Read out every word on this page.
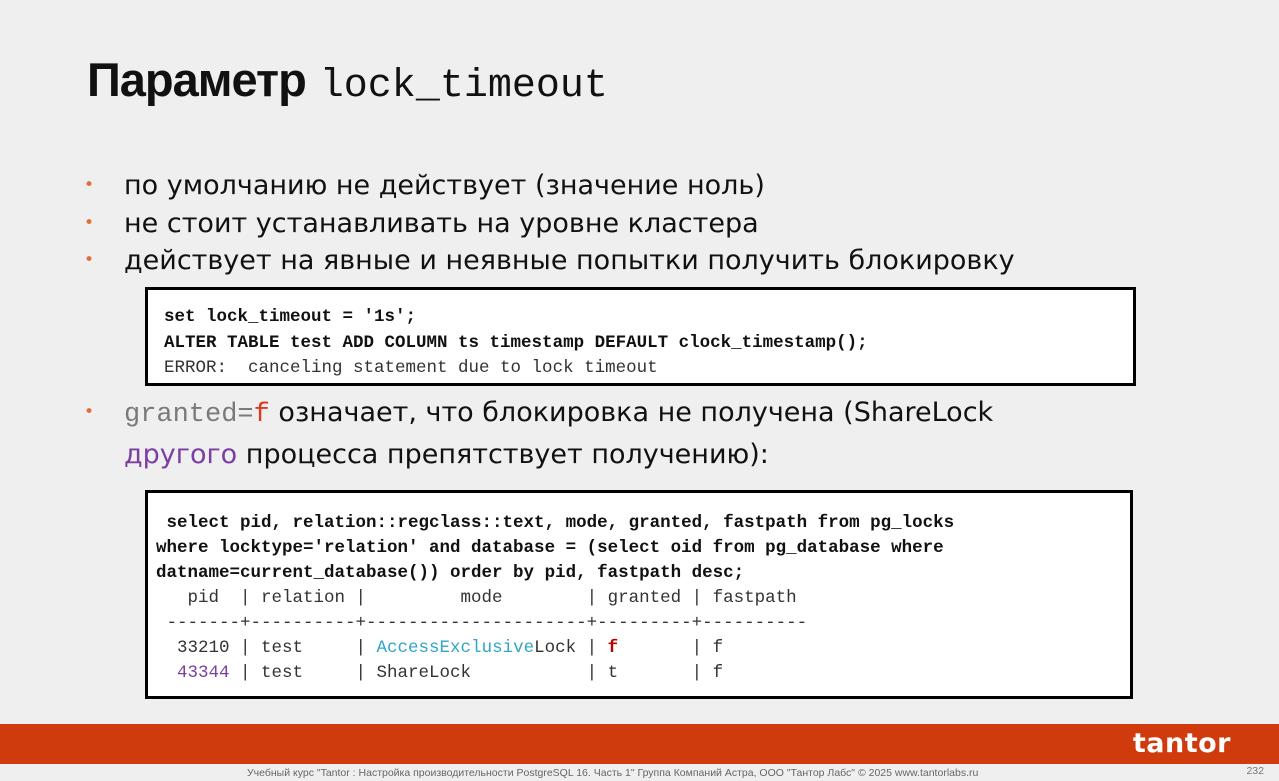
Параметр lock_timeout
• по умолчанию не действует (значение ноль)
• не стоит устанавливать на уровне кластера
• действует на явные и неявные попытки получить блокировку
set lock_timeout = '1s';
ALTER TABLE test ADD COLUMN ts timestamp DEFAULT clock_timestamp();
ERROR:  canceling statement due to lock timeout

• granted=f означает, что блокировка не получена (ShareLock
другого процесса препятствует получению):

select pid, relation::regclass::text, mode, granted, fastpath from pg_locks
where locktype='relation' and database = (select oid from pg_database where
datname=current_database()) order by pid, fastpath desc;
pid  | relation |         mode        | granted | fastpath
-------+----------+---------------------+---------+----------
33210 | test     | AccessExclusiveLock | f       | f
43344 | test     | ShareLock           | t       | f
tantor
Учебный курс "Tantor : Настройка производительности PostgreSQL 16. Часть 1" Группа Компаний Астра, ООО "Тантор Лабс" © 2025 www.tantorlabs.ru	232
